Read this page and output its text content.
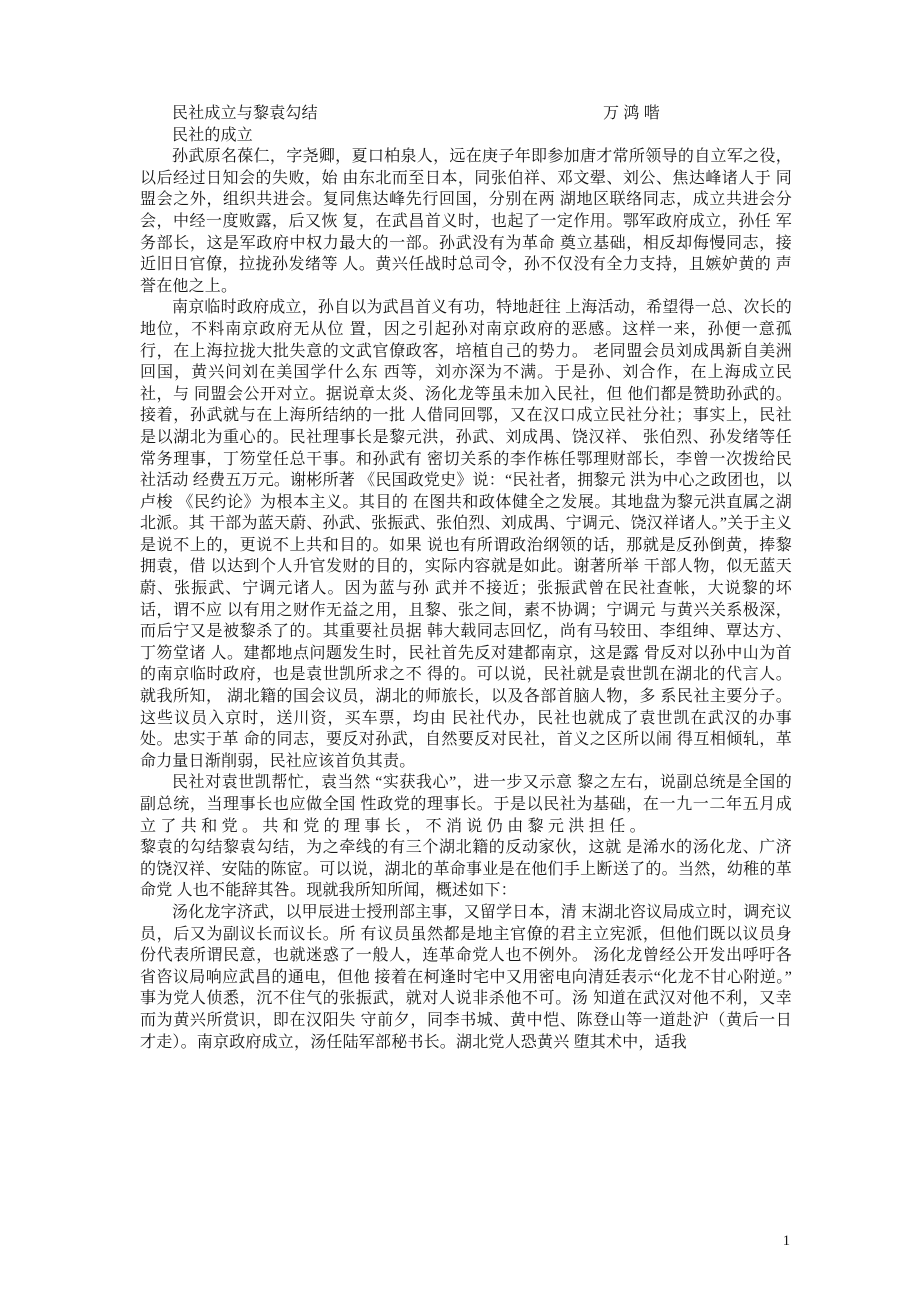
民社成立与黎袁勾结	万 鸿 喈

民社的成立

孙武原名葆仁，字尧卿，夏口柏泉人，远在庚子年即参加唐才常所领导的自立军之役，以后经过日知会的失败，始 由东北而至日本，同张伯祥、邓文翚、刘公、焦达峰诸人于 同盟会之外，组织共进会。复同焦达峰先行回国，分别在两 湖地区联络同志，成立共进会分会，中经一度败露，后又恢 复，在武昌首义时，也起了一定作用。鄂军政府成立，孙任 军务部长，这是军政府中权力最大的一部。孙武没有为革命 奠立基础，相反却侮慢同志，接近旧日官僚，拉拢孙发绪等 人。黄兴任战时总司令，孙不仅没有全力支持，且嫉妒黄的 声誉在他之上。

南京临时政府成立，孙自以为武昌首义有功，特地赶往 上海活动，希望得一总、次长的地位，不料南京政府无从位 置，因之引起孙对南京政府的恶感。这样一来，孙便一意孤行，在上海拉拢大批失意的文武官僚政客，培植自己的势力。 老同盟会员刘成禺新自美洲回国，黄兴问刘在美国学什么东 西等，刘亦深为不满。于是孙、刘合作，在上海成立民社，与 同盟会公开对立。据说章太炎、汤化龙等虽未加入民社，但 他们都是赞助孙武的。接着，孙武就与在上海所结纳的一批 人借同回鄂，又在汉口成立民社分社；事实上，民社是以湖北为重心的。民社理事长是黎元洪，孙武、刘成禺、饶汉祥、 张伯烈、孙发绪等任常务理事，丁笏堂任总干事。和孙武有 密切关系的李作栋任鄂理财部长，李曾一次拨给民社活动 经费五万元。谢彬所著 《民国政党史》说：“民社者，拥黎元 洪为中心之政团也，以卢梭 《民约论》为根本主义。其目的 在图共和政体健全之发展。其地盘为黎元洪直属之湖北派。其 干部为蓝天蔚、孙武、张振武、张伯烈、刘成禺、宁调元、饶汉祥诸人。”关于主义是说不上的，更说不上共和目的。如果 说也有所谓政治纲领的话，那就是反孙倒黄，捧黎拥袁，借 以达到个人升官发财的目的，实际内容就是如此。谢著所举 干部人物，似无蓝天蔚、张振武、宁调元诸人。因为蓝与孙 武并不接近；张振武曾在民社查帐，大说黎的坏话，谓不应 以有用之财作无益之用，且黎、张之间，素不协调；宁调元 与黄兴关系极深，而后宁又是被黎杀了的。其重要社员据 韩大载同志回忆，尚有马较田、李组绅、覃达方、丁笏堂诸 人。建都地点问题发生时，民社首先反对建都南京，这是露 骨反对以孙中山为首的南京临时政府，也是袁世凯所求之不 得的。可以说，民社就是袁世凯在湖北的代言人。就我所知， 湖北籍的国会议员，湖北的师旅长，以及各部首脑人物，多 系民社主要分子。这些议员入京时，送川资，买车票，均由 民社代办，民社也就成了袁世凯在武汉的办事处。忠实于革 命的同志，要反对孙武，自然要反对民社，首义之区所以闹 得互相倾轧，革命力量日渐削弱，民社应该首负其责。

民社对袁世凯帮忙，袁当然 “实获我心”，进一步又示意 黎之左右，说副总统是全国的副总统，当理事长也应做全国 性政党的理事长。于是以民社为基础，在一九一二年五月成 立 了 共 和 党 。 共 和 党 的 理 事 长 ， 不 消 说 仍 由 黎 元 洪 担 任 。

黎袁的勾结黎袁勾结，为之牵线的有三个湖北籍的反动家伙，这就 是浠水的汤化龙、广济的饶汉祥、安陆的陈宧。可以说，湖北的革命事业是在他们手上断送了的。当然，幼稚的革命党 人也不能辞其咎。现就我所知所闻，概述如下：

汤化龙字济武，以甲辰进士授刑部主事，又留学日本，清 末湖北咨议局成立时，调充议员，后又为副议长而议长。所 有议员虽然都是地主官僚的君主立宪派，但他们既以议员身 份代表所谓民意，也就迷惑了一般人，连革命党人也不例外。 汤化龙曾经公开发出呼吁各省咨议局响应武昌的通电，但他 接着在柯逢时宅中又用密电向清廷表示“化龙不甘心附逆。” 事为党人侦悉，沉不住气的张振武，就对人说非杀他不可。汤 知道在武汉对他不利，又幸而为黄兴所赏识，即在汉阳失 守前夕，同李书城、黄中恺、陈登山等一道赴沪（黄后一日 才走）。南京政府成立，汤任陆军部秘书长。湖北党人恐黄兴 堕其术中，适我

1
